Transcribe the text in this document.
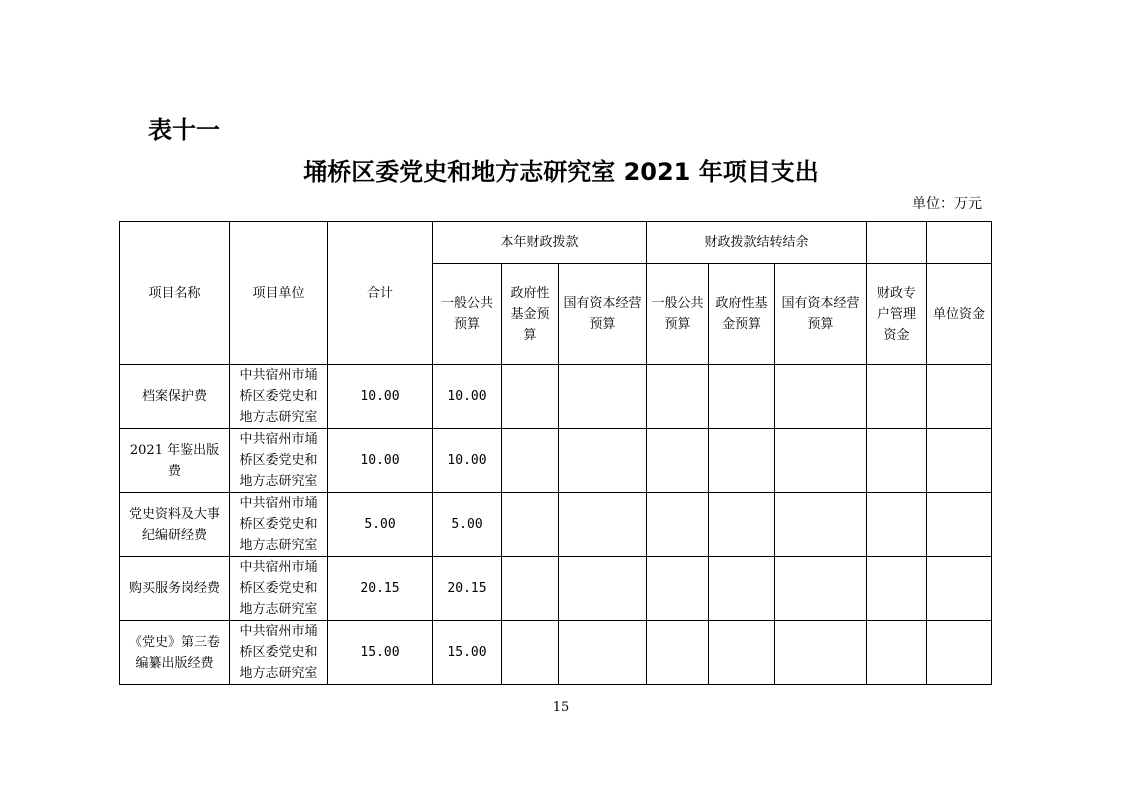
表十一
埇桥区委党史和地方志研究室 2021 年项目支出
单位：万元
项目名称	项目单位	合计	本年财政拨款			财政拨款结转结余				
			一般公共预算	政府性基金预算	国有资本经营预算	一般公共预算	政府性基金预算	国有资本经营预算	财政专户管理资金	单位资金
档案保护费	中共宿州市埇桥区委党史和地方志研究室	10.00	10.00							
2021 年鉴出版费	中共宿州市埇桥区委党史和地方志研究室	10.00	10.00							
党史资料及大事纪编研经费	中共宿州市埇桥区委党史和地方志研究室	5.00	5.00							
购买服务岗经费	中共宿州市埇桥区委党史和地方志研究室	20.15	20.15							
《党史》第三卷编纂出版经费	中共宿州市埇桥区委党史和地方志研究室	15.00	15.00							
15
